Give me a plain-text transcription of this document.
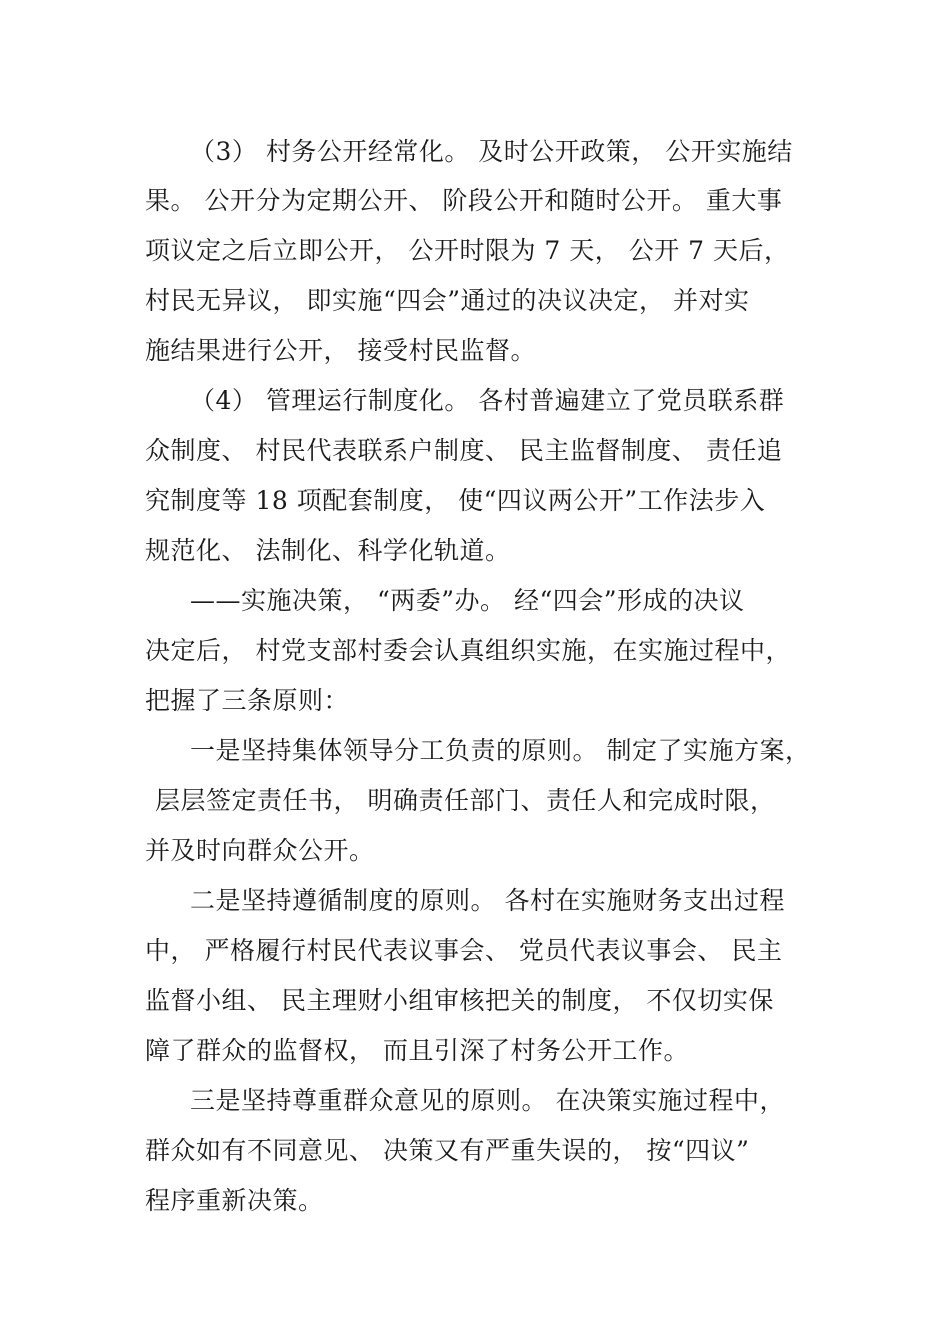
（3） 村务公开经常化。 及时公开政策， 公开实施结
果。 公开分为定期公开、 阶段公开和随时公开。 重大事
项议定之后立即公开， 公开时限为 7 天， 公开 7 天后，
村民无异议， 即实施“四会”通过的决议决定， 并对实
施结果进行公开， 接受村民监督。
（4） 管理运行制度化。 各村普遍建立了党员联系群
众制度、 村民代表联系户制度、 民主监督制度、 责任追
究制度等 18 项配套制度， 使“四议两公开”工作法步入
规范化、 法制化、科学化轨道。
——实施决策， “两委”办。 经“四会”形成的决议
决定后， 村党支部村委会认真组织实施，在实施过程中，
把握了三条原则：
一是坚持集体领导分工负责的原则。 制定了实施方案，
层层签定责任书， 明确责任部门、责任人和完成时限，
并及时向群众公开。
二是坚持遵循制度的原则。 各村在实施财务支出过程
中， 严格履行村民代表议事会、 党员代表议事会、 民主
监督小组、 民主理财小组审核把关的制度， 不仅切实保
障了群众的监督权， 而且引深了村务公开工作。
三是坚持尊重群众意见的原则。 在决策实施过程中，
群众如有不同意见、 决策又有严重失误的， 按“四议”
程序重新决策。
